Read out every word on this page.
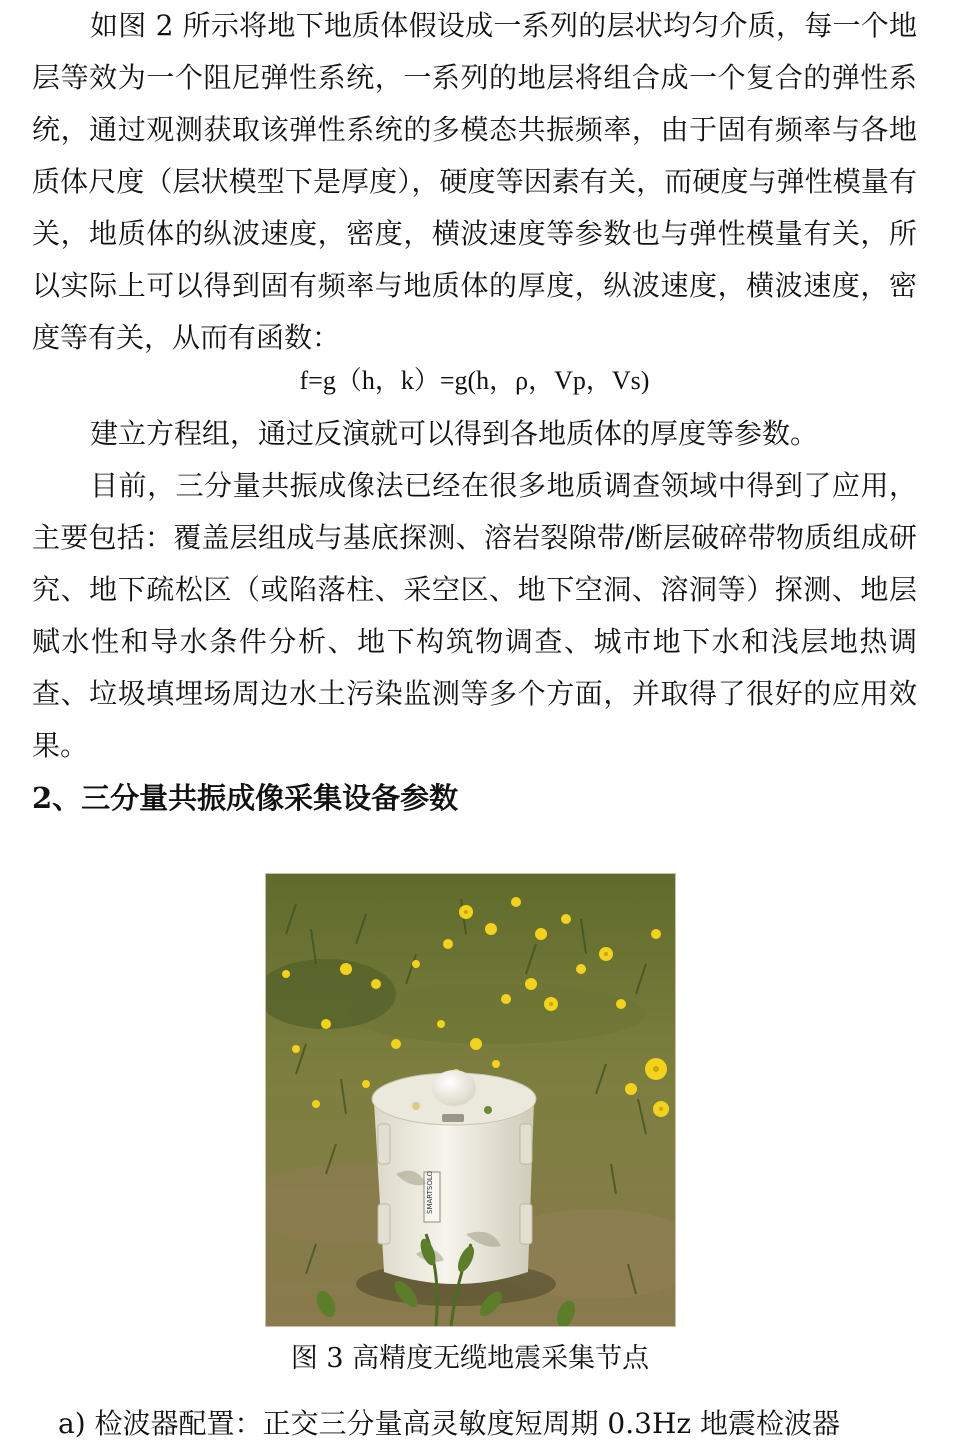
如图 2 所示将地下地质体假设成一系列的层状均匀介质，每一个地层等效为一个阻尼弹性系统，一系列的地层将组合成一个复合的弹性系统，通过观测获取该弹性系统的多模态共振频率，由于固有频率与各地质体尺度（层状模型下是厚度），硬度等因素有关，而硬度与弹性模量有关，地质体的纵波速度，密度，横波速度等参数也与弹性模量有关，所以实际上可以得到固有频率与地质体的厚度，纵波速度，横波速度，密度等有关，从而有函数：

f=g（h，k）=g(h，ρ，Vp，Vs)

建立方程组，通过反演就可以得到各地质体的厚度等参数。

目前，三分量共振成像法已经在很多地质调查领域中得到了应用，主要包括：覆盖层组成与基底探测、溶岩裂隙带/断层破碎带物质组成研究、地下疏松区（或陷落柱、采空区、地下空洞、溶洞等）探测、地层赋水性和导水条件分析、地下构筑物调查、城市地下水和浅层地热调查、垃圾填埋场周边水土污染监测等多个方面，并取得了很好的应用效果。

2、三分量共振成像采集设备参数
SMARTSOLO
图 3 高精度无缆地震采集节点
a) 检波器配置：正交三分量高灵敏度短周期 0.3Hz 地震检波器
